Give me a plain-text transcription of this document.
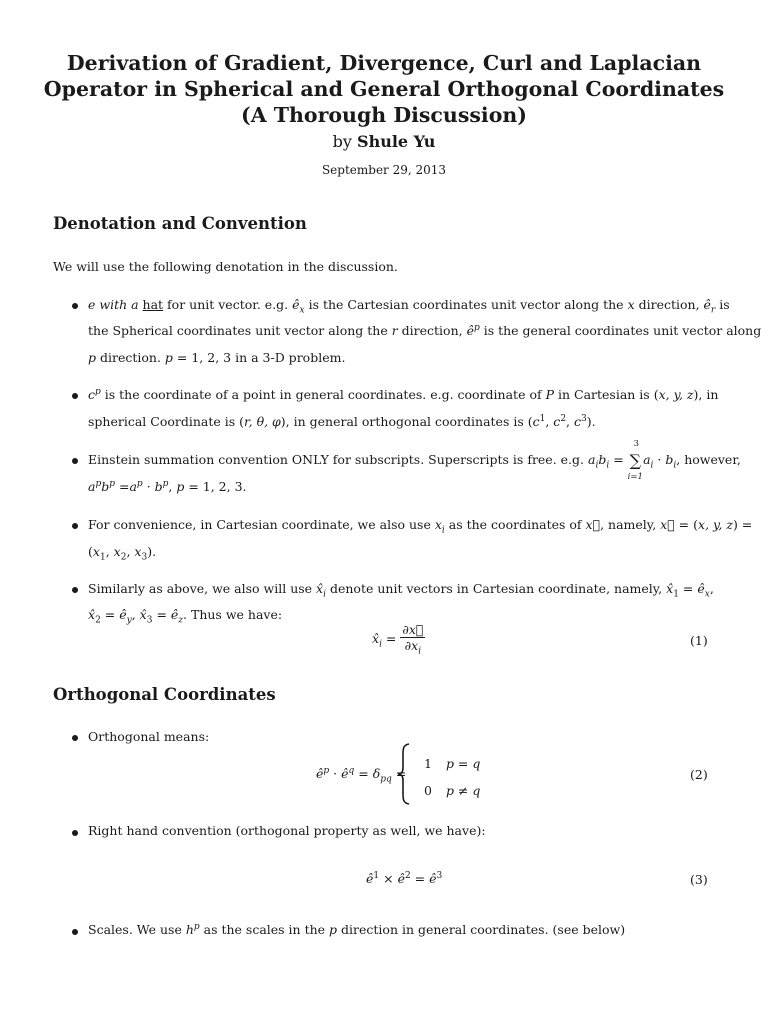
Derivation of Gradient, Divergence, Curl and Laplacian
Operator in Spherical and General Orthogonal Coordinates
(A Thorough Discussion)
by Shule Yu
September 29, 2013
Denotation and Convention
We will use the following denotation in the discussion.
e with a hat for unit vector. e.g. $ê_x$ is the Cartesian coordinates unit vector along the x direction, $ê_r$ is
the Spherical coordinates unit vector along the r direction, $ê^p$ is the general coordinates unit vector along
p direction. p = 1, 2, 3 in a 3-D problem.
$c^p$ is the coordinate of a point in general coordinates. e.g. coordinate of P in Cartesian is (x, y, z), in
spherical Coordinate is (r, θ, φ), in general orthogonal coordinates is ($c^1$, $c^2$, $c^3$).
Einstein summation convention ONLY for subscripts. Superscripts is free. e.g. $a_ib_i$ =
3
∑
i=1
$a_i \cdot b_i$, however,
$a^pb^p =a^p \cdot b^p$, p = 1, 2, 3.
For convenience, in Cartesian coordinate, we also use $x_i$ as the coordinates of x⃗, namely, x⃗ = (x, y, z) =
($x_1$, $x_2$, $x_3$).
Similarly as above, we also will use $x̂_i$ denote unit vectors in Cartesian coordinate, namely, $x̂_1$ = $ê_x$,
$x̂_2$ = $ê_y$, $x̂_3$ = $ê_z$. Thus we have:
$x̂_i = \frac{\partial x⃗}{\partial x_i}$	(1)
Orthogonal Coordinates
Orthogonal means:
$ê^p$ · $ê^q = \delta_{pq}$ =
1 p = q
0 p ≠ q
(2)
Right hand convention (orthogonal property as well, we have):
$ê^1$ × $ê^2$ = $ê^3$	(3)
Scales. We use $h^p$ as the scales in the p direction in general coordinates. (see below)
